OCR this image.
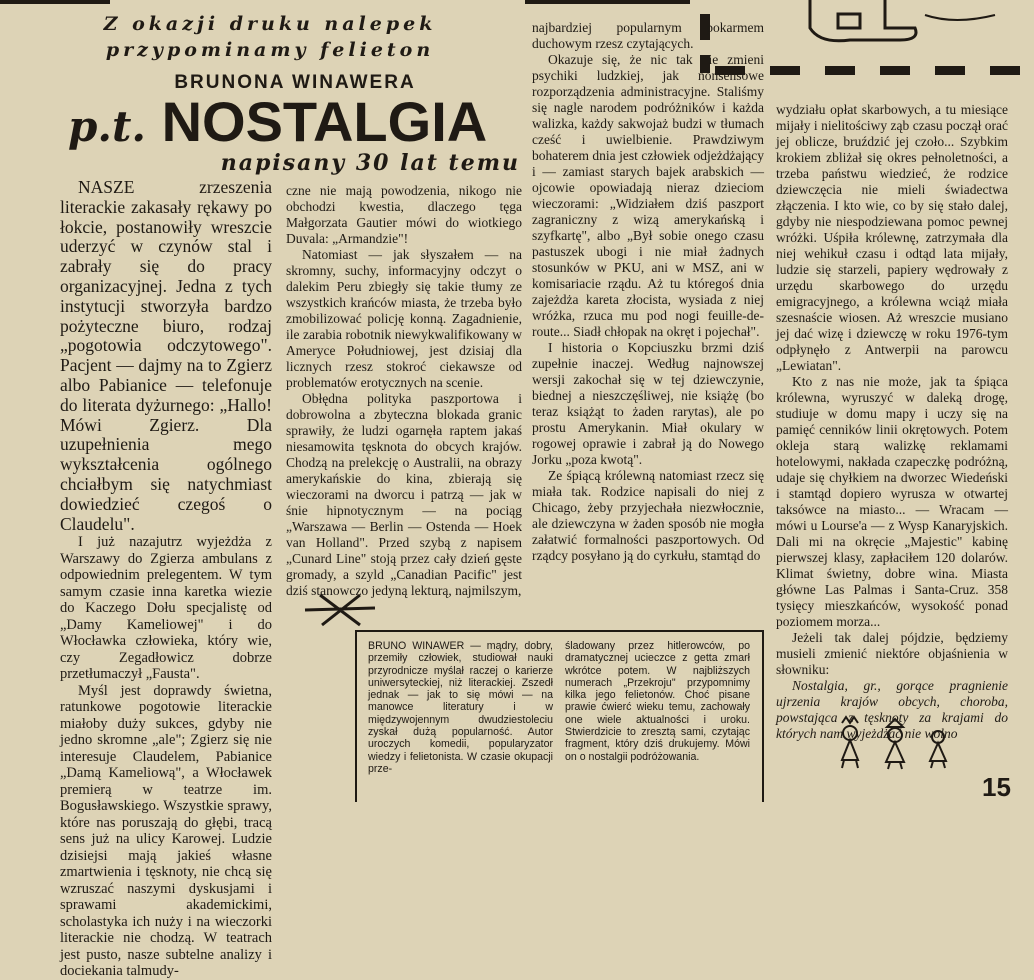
Z okazji druku nalepek
przypominamy felieton
BRUNONA WINAWERA
p.t. NOSTALGIA
napisany 30 lat temu

NASZE zrzeszenia literackie zakasały rękawy po łokcie, postanowiły wreszcie uderzyć w czynów stal i zabrały się do pracy organizacyjnej. Jedna z tych instytucji stworzyła bardzo pożyteczne biuro, rodzaj „pogotowia odczytowego". Pacjent — dajmy na to Zgierz albo Pabianice — telefonuje do literata dyżurnego: „Hallo! Mówi Zgierz. Dla uzupełnienia mego wykształcenia ogólnego chciałbym się natychmiast dowiedzieć czegoś o Claudelu".

I już nazajutrz wyjeżdża z Warszawy do Zgierza ambulans z odpowiednim prelegentem. W tym samym czasie inna karetka wiezie do Kaczego Dołu specjalistę od „Damy Kameliowej" i do Włocławka człowieka, który wie, czy Zegadłowicz dobrze przetłumaczył „Fausta".

Myśl jest doprawdy świetna, ratunkowe pogotowie literackie miałoby duży sukces, gdyby nie jedno skromne „ale"; Zgierz się nie interesuje Claudelem, Pabianice „Damą Kameliową", a Włocławek premierą w teatrze im. Bogusławskiego. Wszystkie sprawy, które nas poruszają do głębi, tracą sens już na ulicy Karowej. Ludzie dzisiejsi mają jakieś własne zmartwienia i tęsknoty, nie chcą się wzruszać naszymi dyskusjami i sprawami akademickimi, scholastyka ich nuży i na wieczorki literackie nie chodzą. W teatrach jest pusto, nasze subtelne analizy i dociekania talmudy-

czne nie mają powodzenia, nikogo nie obchodzi kwestia, dlaczego tęga Małgorzata Gautier mówi do wiotkiego Duvala: „Armandzie"!

Natomiast — jak słyszałem — na skromny, suchy, informacyjny odczyt o dalekim Peru zbiegły się takie tłumy ze wszystkich krańców miasta, że trzeba było zmobilizować policję konną. Zagadnienie, ile zarabia robotnik niewykwalifikowany w Ameryce Południowej, jest dzisiaj dla licznych rzesz stokroć ciekawsze od problematów erotycznych na scenie.

Obłędna polityka paszportowa i dobrowolna a zbyteczna blokada granic sprawiły, że ludzi ogarnęła raptem jakaś niesamowita tęsknota do obcych krajów. Chodzą na prelekcję o Australii, na obrazy amerykańskie do kina, zbierają się wieczorami na dworcu i patrzą — jak w śnie hipnotycznym — na pociąg „Warszawa — Berlin — Ostenda — Hoek van Holland". Przed szybą z napisem „Cunard Line" stoją przez cały dzień gęste gromady, a szyld „Canadian Pacific" jest dziś stanowczo jedyną lekturą, najmilszym,

najbardziej popularnym pokarmem duchowym rzesz czytających.

Okazuje się, że nic tak nie zmieni psychiki ludzkiej, jak nonsensowe rozporządzenia administracyjne. Staliśmy się nagle narodem podróżników i każda walizka, każdy sakwojaż budzi w tłumach cześć i uwielbienie. Prawdziwym bohaterem dnia jest człowiek odjeżdżający i — zamiast starych bajek arabskich — ojcowie opowiadają nieraz dzieciom wieczorami: „Widziałem dziś paszport zagraniczny z wizą amerykańską i szyfkartę", albo „Był sobie onego czasu pastuszek ubogi i nie miał żadnych stosunków w PKU, ani w MSZ, ani w komisariacie rządu. Aż tu któregoś dnia zajeżdża kareta złocista, wysiada z niej wróżka, rzuca mu pod nogi feuille-de-route... Siadł chłopak na okręt i pojechał".

I historia o Kopciuszku brzmi dziś zupełnie inaczej. Według najnowszej wersji zakochał się w tej dziewczynie, biednej a nieszczęśliwej, nie książę (bo teraz książąt to żaden rarytas), ale po prostu Amerykanin. Miał okulary w rogowej oprawie i zabrał ją do Nowego Jorku „poza kwotą".

Ze śpiącą królewną natomiast rzecz się miała tak. Rodzice napisali do niej z Chicago, żeby przyjechała niezwłocznie, ale dziewczyna w żaden sposób nie mogła załatwić formalności paszportowych. Od rządcy posyłano ją do cyrkułu, stamtąd do

wydziału opłat skarbowych, a tu miesiące mijały i nielitościwy ząb czasu począł orać jej oblicze, bruździć jej czoło... Szybkim krokiem zbliżał się okres pełnoletności, a trzeba państwu wiedzieć, że rodzice dziewczęcia nie mieli świadectwa złączenia. I kto wie, co by się stało dalej, gdyby nie niespodziewana pomoc pewnej wróżki. Uśpiła królewnę, zatrzymała dla niej wehikuł czasu i odtąd lata mijały, ludzie się starzeli, papiery wędrowały z urzędu skarbowego do urzędu emigracyjnego, a królewna wciąż miała szesnaście wiosen. Aż wreszcie musiano jej dać wizę i dziewczę w roku 1976-tym odpłynęło z Antwerpii na parowcu „Lewiatan".

Kto z nas nie może, jak ta śpiąca królewna, wyruszyć w daleką drogę, studiuje w domu mapy i uczy się na pamięć cenników linii okrętowych. Potem okleja starą walizkę reklamami hotelowymi, nakłada czapeczkę podróżną, udaje się chyłkiem na dworzec Wiedeński i stamtąd dopiero wyrusza w otwartej taksówce na miasto... — Wracam — mówi u Lourse'a — z Wysp Kanaryjskich. Dali mi na okręcie „Majestic" kabinę pierwszej klasy, zapłaciłem 120 dolarów. Klimat świetny, dobre wina. Miasta główne Las Palmas i Santa-Cruz. 358 tysięcy mieszkańców, wysokość ponad poziomem morza...

Jeżeli tak dalej pójdzie, będziemy musieli zmienić niektóre objaśnienia w słowniku:

Nostalgia, gr., gorące pragnienie ujrzenia krajów obcych, choroba, powstająca z tęsknoty za krajami do których nam wyjeżdżać nie wolno

BRUNO WINAWER — mądry, dobry, przemiły człowiek, studiował nauki przyrodnicze myślał raczej o karierze uniwersyteckiej, niż literackiej. Zszedł jednak — jak to się mówi — na manowce literatury i w międzywojennym dwudziestoleciu zyskał dużą popularność. Autor uroczych komedii, popularyzator wiedzy i felietonista. W czasie okupacji prze-
śladowany przez hitlerowców, po dramatycznej ucieczce z getta zmarł wkrótce potem. W najbliższych numerach „Przekroju" przypomnimy kilka jego felietonów. Choć pisane prawie ćwierć wieku temu, zachowały one wiele aktualności i uroku. Stwierdzicie to zresztą sami, czytając fragment, który dziś drukujemy. Mówi on o nostalgii podróżowania.
15
